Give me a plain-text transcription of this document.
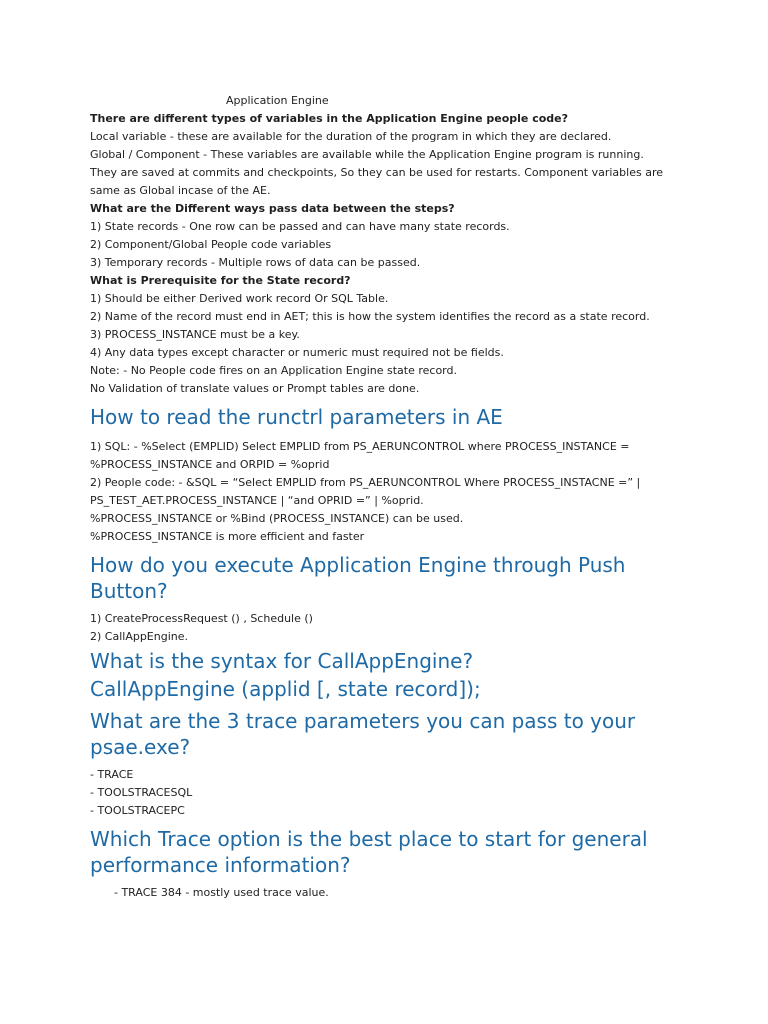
Application Engine
There are different types of variables in the Application Engine people code?
Local variable - these are available for the duration of the program in which they are declared.
Global / Component - These variables are available while the Application Engine program is running.
They are saved at commits and checkpoints, So they can be used for restarts. Component variables are same as Global incase of the AE.
What are the Different ways pass data between the steps?
1) State records - One row can be passed and can have many state records.
2) Component/Global People code variables
3) Temporary records - Multiple rows of data can be passed.
What is Prerequisite for the State record?
1) Should be either Derived work record Or SQL Table.
2) Name of the record must end in AET; this is how the system identifies the record as a state record.
3) PROCESS_INSTANCE must be a key.
4) Any data types except character or numeric must required not be fields.
Note: - No People code fires on an Application Engine state record.
No Validation of translate values or Prompt tables are done.
How to read the runctrl parameters in AE
1) SQL: - %Select (EMPLID) Select EMPLID from PS_AERUNCONTROL where PROCESS_INSTANCE = %PROCESS_INSTANCE and ORPID = %oprid
2) People code: - &SQL = “Select EMPLID from PS_AERUNCONTROL Where PROCESS_INSTACNE =” | PS_TEST_AET.PROCESS_INSTANCE | “and OPRID =” | %oprid.
%PROCESS_INSTANCE or %Bind (PROCESS_INSTANCE) can be used.
%PROCESS_INSTANCE is more efficient and faster
How do you execute Application Engine through Push Button?
1) CreateProcessRequest () , Schedule ()
2) CallAppEngine.
What is the syntax for CallAppEngine?
CallAppEngine (applid [, state record]);
What are the 3 trace parameters you can pass to your psae.exe?
- TRACE
- TOOLSTRACESQL
- TOOLSTRACEPC
Which Trace option is the best place to start for general performance information?
- TRACE 384 - mostly used trace value.
